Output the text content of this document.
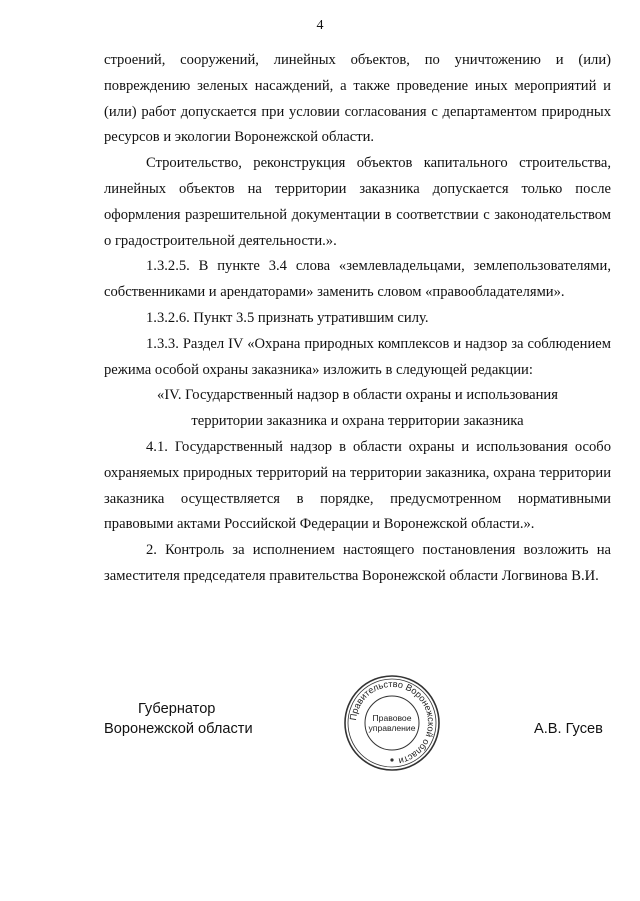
4

строений, сооружений, линейных объектов, по уничтожению и (или) повреждению зеленых насаждений, а также проведение иных мероприятий и (или) работ допускается при условии согласования с департаментом природных ресурсов и экологии Воронежской области.

Строительство, реконструкция объектов капитального строительства, линейных объектов на территории заказника допускается только после оформления разрешительной документации в соответствии с законодательством о градостроительной деятельности.».

1.3.2.5. В пункте 3.4 слова «землевладельцами, землепользователями, собственниками и арендаторами» заменить словом «правообладателями».

1.3.2.6. Пункт 3.5 признать утратившим силу.

1.3.3. Раздел IV «Охрана природных комплексов и надзор за соблюдением режима особой охраны заказника» изложить в следующей редакции:

«IV. Государственный надзор в области охраны и использования

территории заказника и охрана территории заказника

4.1. Государственный надзор в области охраны и использования особо охраняемых природных территорий на территории заказника, охрана территории заказника осуществляется в порядке, предусмотренном нормативными правовыми актами Российской Федерации и Воронежской области.».

2. Контроль за исполнением настоящего постановления возложить на заместителя председателя правительства Воронежской области Логвинова В.И.

Губернатор
Воронежской области
Правительство Воронежской области
Правовое
управление	А.В. Гусев
